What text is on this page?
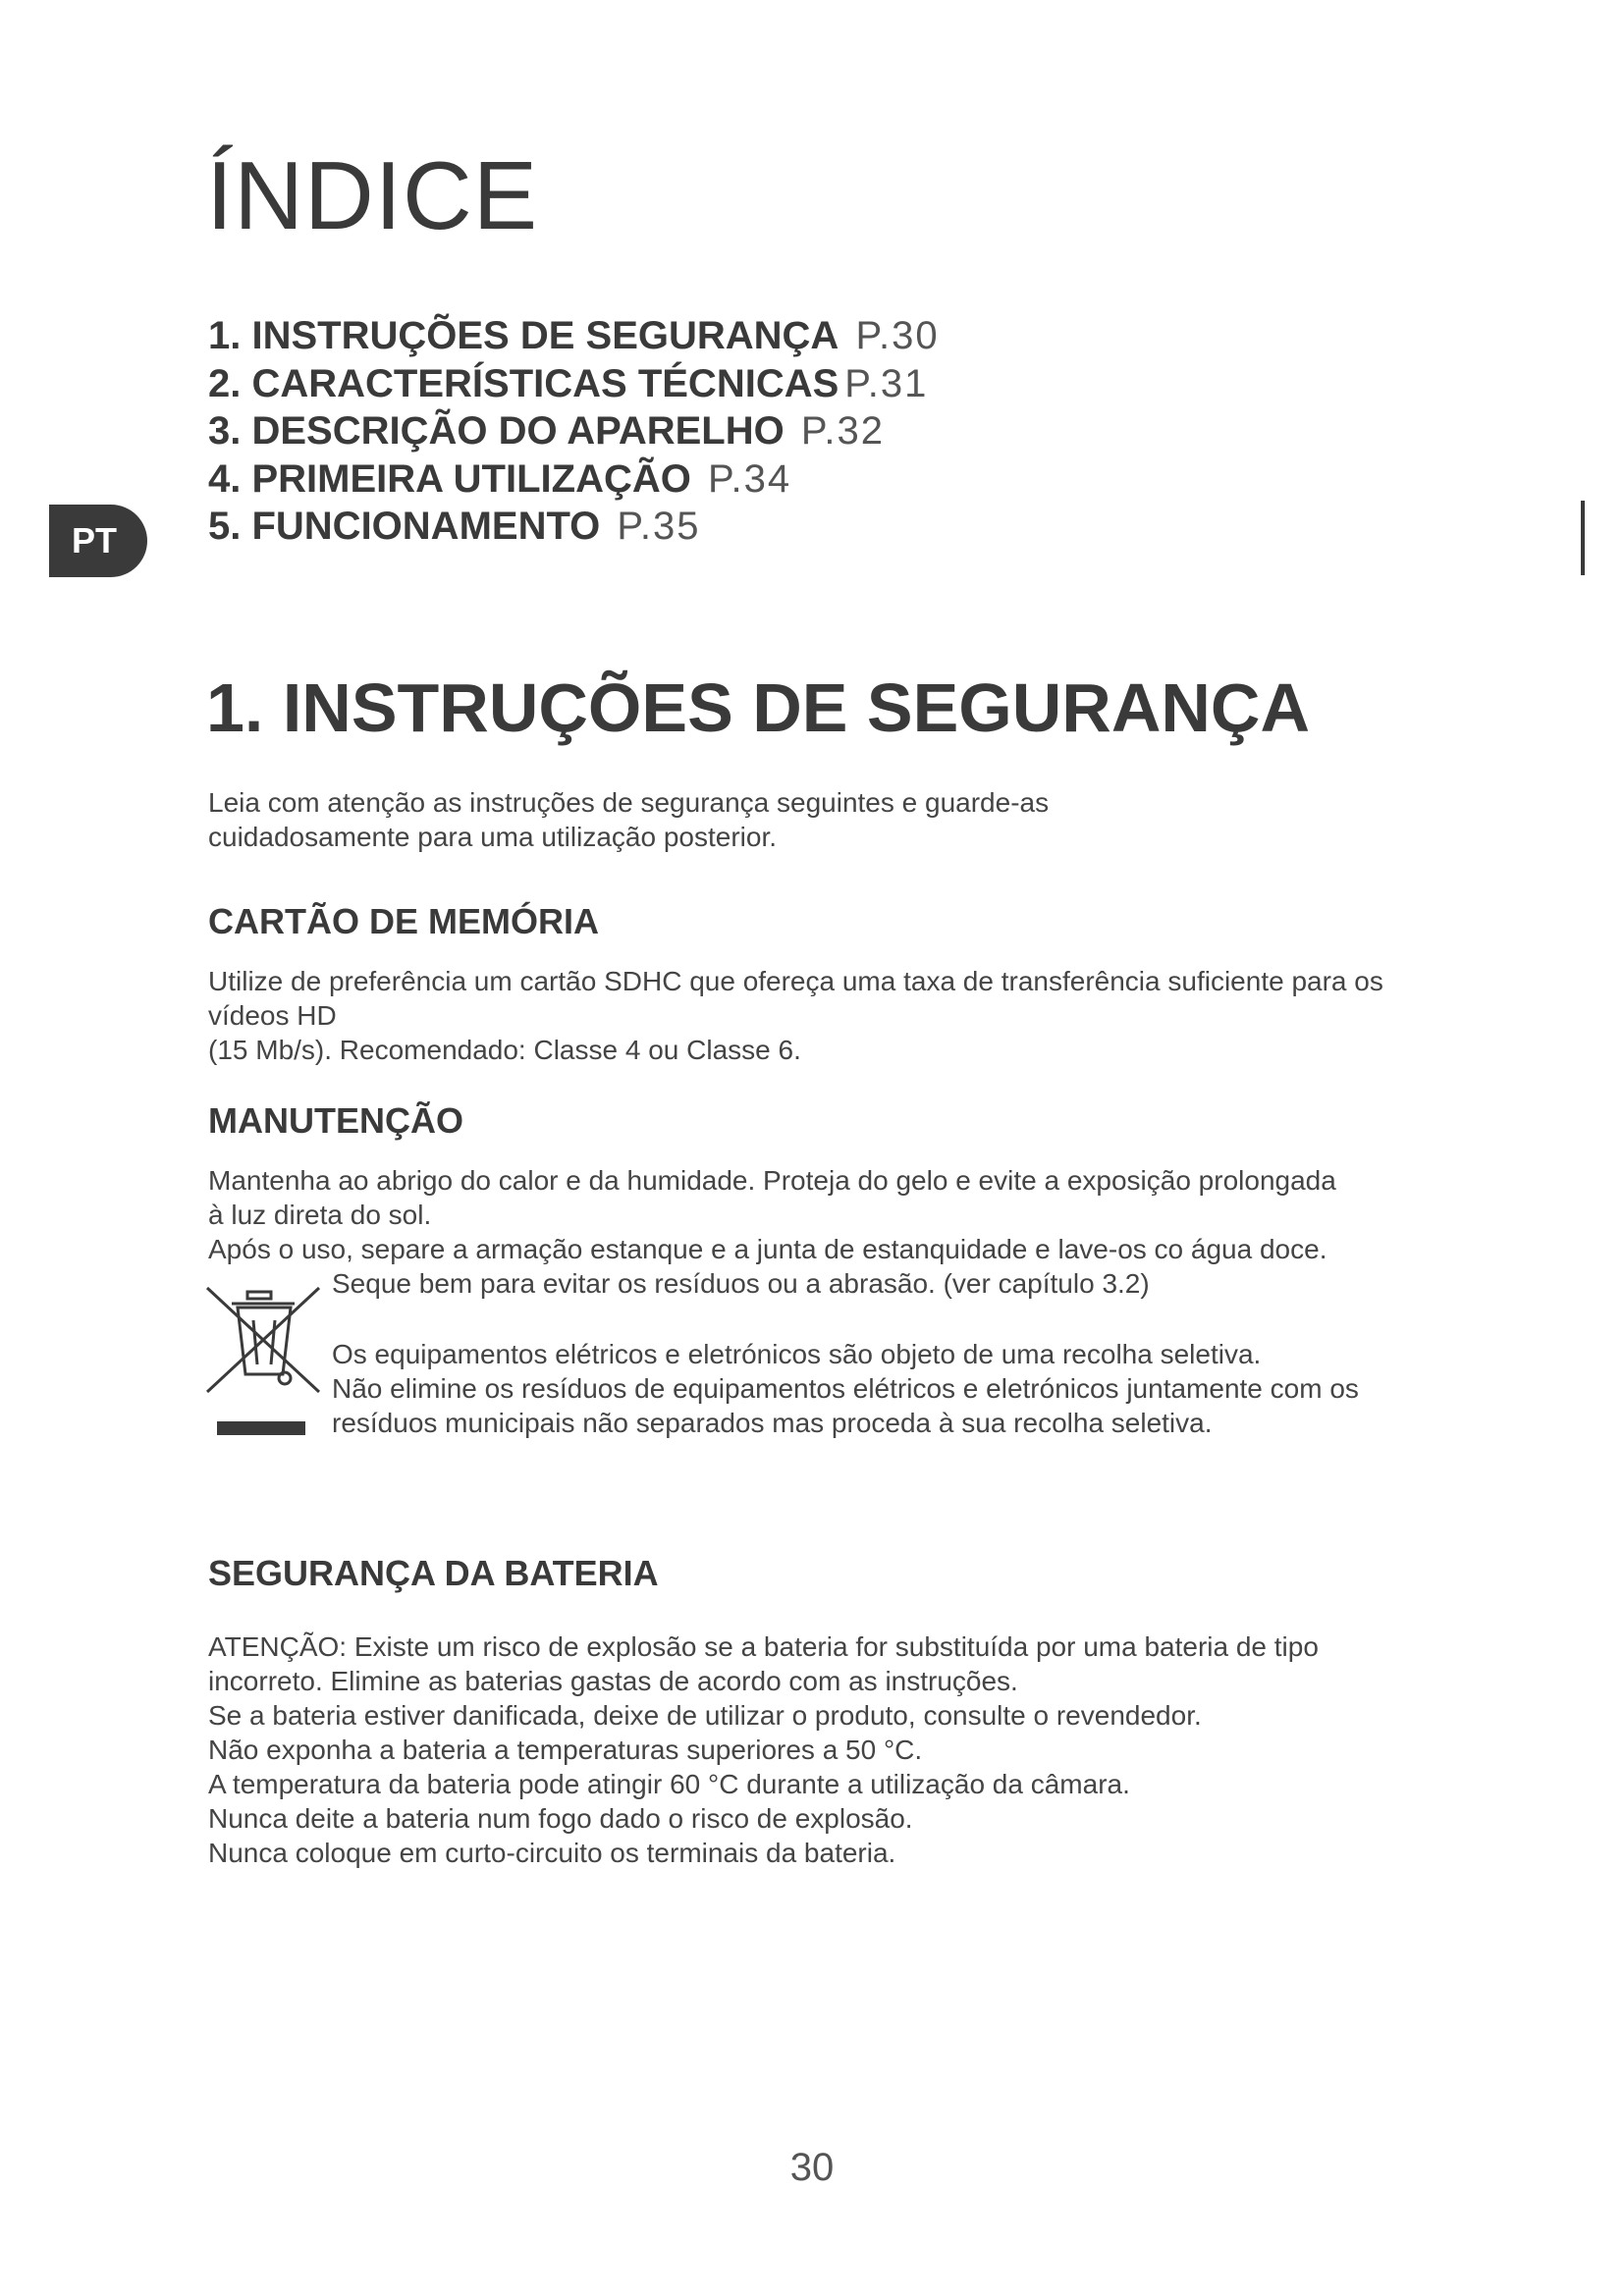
ÍNDICE
1. INSTRUÇÕES DE SEGURANÇA P.30
2. CARACTERÍSTICAS TÉCNICAS P.31
3. DESCRIÇÃO DO APARELHO P.32
4. PRIMEIRA UTILIZAÇÃO P.34
5. FUNCIONAMENTO P.35
PT
1. INSTRUÇÕES DE SEGURANÇA
Leia com atenção as instruções de segurança seguintes e guarde-as
cuidadosamente para uma utilização posterior.
CARTÃO DE MEMÓRIA
Utilize de preferência um cartão SDHC que ofereça uma taxa de transferência suficiente para os
vídeos HD
(15 Mb/s). Recomendado: Classe 4 ou Classe 6.
MANUTENÇÃO
Mantenha ao abrigo do calor e da humidade. Proteja do gelo e evite a exposição prolongada
à luz direta do sol.
Após o uso, separe a armação estanque e a junta de estanquidade e lave-os co água doce.
Seque bem para evitar os resíduos ou a abrasão. (ver capítulo 3.2)
Os equipamentos elétricos e eletrónicos são objeto de uma recolha seletiva.
Não elimine os resíduos de equipamentos elétricos e eletrónicos juntamente com os
resíduos municipais não separados mas proceda à sua recolha seletiva.
SEGURANÇA DA BATERIA
ATENÇÃO: Existe um risco de explosão se a bateria for substituída por uma bateria de tipo
incorreto. Elimine as baterias gastas de acordo com as instruções.
Se a bateria estiver danificada, deixe de utilizar o produto, consulte o revendedor.
Não exponha a bateria a temperaturas superiores a 50 °C.
A temperatura da bateria pode atingir 60 °C durante a utilização da câmara.
Nunca deite a bateria num fogo dado o risco de explosão.
Nunca coloque em curto-circuito os terminais da bateria.
30
